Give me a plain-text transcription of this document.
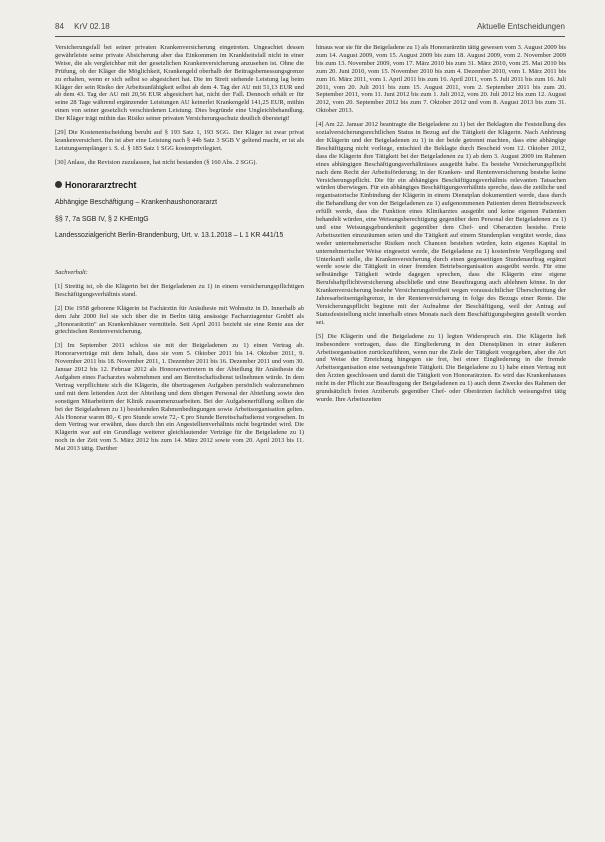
84 KrV 02.18	Aktuelle Entscheidungen

Versicherungsfall bei seiner privaten Krankenversicherung eingetreten. Ungeachtet dessen gewährleiste seine private Absicherung aber das Einkommen im Krankheitsfall nicht in einer Weise, die als vergleichbar mit der gesetzlichen Krankenversicherung anzusehen ist. Ohne die Prüfung, ob der Kläger die Möglichkeit, Krankengeld oberhalb der Beitragsbemessungsgrenze zu erhalten, wenn er sich selbst so abgesichert hat. Die im Streit stehende Leistung lag beim Kläger der sein Risiko der Arbeitsunfähigkeit selbst ab dem 4. Tag der AU mit 51,13 EUR und ab dem 43. Tag der AU mit 20,56 EUR abgesichert hat, nicht der Fall. Dennoch erhält er für seine 28 Tage während ergänzender Leistungen AU keinerlei Krankengeld 141,25 EUR, mithin einen von seiner gesetzlich verschiedenen Leistung. Dies begründe eine Ungleichbehandlung. Der Kläger trägt mithin das Risiko seiner privaten Versicherungsschutz deutlich übersteigt!

[29] Die Kostenentscheidung beruht auf § 193 Satz 1, 193 SGG. Der Kläger ist zwar privat krankenversichert. Ihn ist aber eine Leistung nach § 44b Satz 3 SGB V geltend macht, er ist als Leistungsempfänger i. S. d. § 183 Satz 1 SGG kostenprivilegiert.

[30] Anlass, die Revision zuzulassen, hat nicht bestanden (§ 160 Abs. 2 SGG).

Honorararztrecht
Abhängige Beschäftigung – Krankenhaushonorararzt
§§ 7, 7a SGB IV, § 2 KHEntgG
Landessozialgericht Berlin-Brandenburg, Urt. v. 13.1.2018 – L 1 KR 441/15

Sachverhalt:

[1] Streitig ist, ob die Klägerin bei der Beigeladenen zu 1) in einem versicherungspflichtigen Beschäftigungsverhältnis stand.

[2] Die 1958 geborene Klägerin ist Fachärztin für Anästhesie mit Wohnsitz in D. Innerhalb ab dem Jahr 2000 fiel sie sich über die in Berlin tätig ansässige Facharztagentur GmbH als „Honorarärztin" an Krankenhäuser vermitteln. Seit April 2011 bezieht sie eine Rente aus der griechischen Rentenversicherung.

[3] Im September 2011 schloss sie mit der Beigeladenen zu 1) einen Vertrag ab. Honorarverträge mit dem Inhalt, dass sie vom 5. Oktober 2011 bis 14. Oktober 2011, 9. November 2011 bis 18. November 2011, 1. Dezember 2011 bis 16. Dezember 2011 und vom 30. Januar 2012 bis 12. Februar 2012 als Honorarvertretern in der Abteilung für Anästhesie die Aufgaben eines Facharztes wahrnehmen und am Bereitschaftsdienst teilnehmen würde. In dem Vertrag verpflichtete sich die Klägerin, die übertragenen Aufgaben persönlich wahrzunehmen und mit dem leitenden Arzt der Abteilung und dem übrigen Personal der Abteilung sowie den sonstigen Mitarbeitern der Klinik zusammenzuarbeiten. Bei der Aufgabenerfüllung sollten die bei der Beigeladenen zu 1) bestehenden Rahmenbedingungen sowie Arbeitsorganisation gelten. Als Honorar waren 80,- € pro Stunde sowie 72,- € pro Stunde Bereitschaftsdienst vorgesehen. In dem Vertrag war erwähnt, dass durch ihn ein Angestelltenverhältnis nicht begründet wird. Die Klägerin war auf ein Grundlage weiterer gleichlautender Verträge für die Beigeladene zu 1) noch in der Zeit vom 5. März 2012 bis zum 14. März 2012 sowie vom 20. April 2013 bis 11. Mai 2013 tätig. Darüber

hinaus war sie für die Beigeladene zu 1) als Honorarärztin tätig gewesen vom 3. August 2009 bis zum 14. August 2009, vom 15. August 2009 bis zum 18. August 2009, vom 2. November 2009 bis zum 13. November 2009, vom 17. März 2010 bis zum 31. März 2010, vom 25. Mai 2010 bis zum 20. Juni 2010, vom 15. November 2010 bis zum 4. Dezember 2010, vom 1. März 2011 bis zum 16. März 2011, vom 1. April 2011 bis zum 16. April 2011, vom 5. Juli 2011 bis zum 16. Juli 2011, vom 20. Juli 2011 bis zum 15. August 2011, vom 2. September 2011 bis zum 20. September 2011, vom 11. Juni 2012 bis zum 1. Juli 2012, vom 20. Juli 2012 bis zum 12. August 2012, vom 20. September 2012 bis zum 7. Oktober 2012 und vom 8. August 2013 bis zum 31. Oktober 2013.

[4] Am 22. Januar 2012 beantragte die Beigeladene zu 1) bei der Beklagten die Feststellung des sozialversicherungsrechtlichen Status in Bezug auf die Tätigkeit der Klägerin. Nach Anhörung der Klägerin und der Beigeladenen zu 1) in der beide getrennt machten, dass eine abhängige Beschäftigung nicht vorliege, entschied die Beklagte durch Bescheid vom 12. Oktober 2012, dass die Klägerin ihre Tätigkeit bei der Beigeladenen zu 1) ab dem 3. August 2009 im Rahmen eines abhängigen Beschäftigungsverhältnisses ausgeübt habe. Es bestehe Versicherungspflicht nach dem Recht der Arbeitsförderung; in der Kranken- und Rentenversicherung bestehe keine Versicherungspflicht. Die für ein abhängiges Beschäftigungsverhältnis relevanten Tatsachen würden überwiegen. Für ein abhängiges Beschäftigungsverhältnis spreche, dass die zeitliche und organisatorische Einbindung der Klägerin in einem Dienstplan dokumentiert werde, dass durch die Behandlung der von der Beigeladenen zu 1) aufgenommenen Patienten deren Betriebszweck erfüllt werde, dass die Funktion eines Klinikarztes ausgeübt und keine eigenen Patienten behandelt würden, eine Weisungsberechtigung gegenüber dem Personal der Beigeladenen zu 1) und eine Weisungsgebundenheit gegenüber dem Chef- und Oberarzten bestehe. Freie Arbeitszeiten einzuräumen seien und die Tätigkeit auf einem Stundenplan vergütet werde, dass weder unternehmerische Risiken noch Chancen bestehen würden, kein eigenes Kapital in unternehmerischer Weise eingesetzt werde, die Beigeladene zu 1) kostenfreie Verpflegung und Unterkunft stelle, die Krankenversicherung durch einen gegenseitigen Stundenauftrag ergänzt werde sowie die Tätigkeit in einer fremden Betriebsorganisation ausgeübt werde. Für eine selbständige Tätigkeit würde dagegen sprechen, dass die Klägerin eine eigene Berufshaftpflichtversicherung abschließe und eine Beauftragung auch ablehnen könne. In der Krankenversicherung bestehe Versicherungsfreiheit wegen voraussichtlicher Überschreitung der Jahresarbeitsentgeltgrenze, in der Rentenversicherung in folge des Bezugs einer Rente. Die Versicherungspflicht beginne mit der Aufnahme der Beschäftigung, weil der Antrag auf Statusfeststellung nicht innerhalb eines Monats nach dem Beschäftigungsbeginn gestellt worden sei.

[5] Die Klägerin und die Beigeladene zu 1) legten Widerspruch ein. Die Klägerin ließ insbesondere vortragen, dass die Eingliederung in den Dienstplänen in einer äußeren Arbeitsorganisation zurückzuführen, wenn nur die Ziele der Tätigkeit vorgegeben, aber die Art und Weise der Erreichung hingegen sie frei, bei einer Eingliederung in die fremde Arbeitsorganisation eine weisungsfreie Tätigkeit. Die Beigeladene zu 1) habe einen Vertrag mit den Ärzten geschlossen und damit die Tätigkeit von Honorarärzten. Es wird das Krankenhauses nicht in der Pflicht zur Beauftragung der Beigeladenen zu 1) auch denn Zwecke des Rahmen der grundsätzlich freien Arztberufs gegenüber Chef- oder Oberärzten fachlich weisungsfrei tätig wurde. Ihre Arbeitszeiten
